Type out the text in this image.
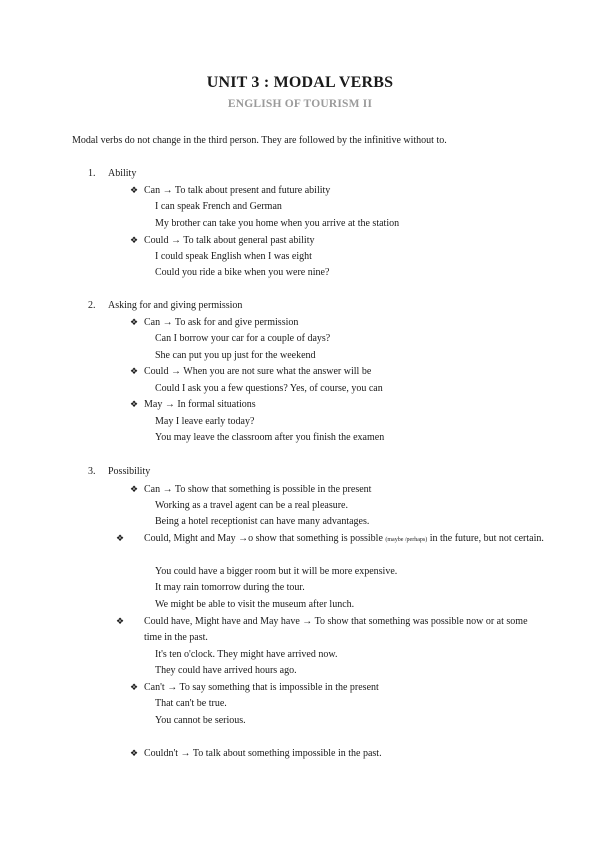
UNIT 3 : MODAL VERBS
ENGLISH OF TOURISM II
Modal verbs do not change in the third person. They are followed by the infinitive without to.
1. Ability
❖ Can → To talk about present and future ability
I can speak French and German
My brother can take you home when you arrive at the station
❖ Could → To talk about general past ability
I could speak English when I was eight
Could you ride a bike when you were nine?
2. Asking for and giving permission
❖ Can → To ask for and give permission
Can I borrow your car for a couple of days?
She can put you up just for the weekend
❖ Could → When you are not sure what the answer will be
Could I ask you a few questions? Yes, of course, you can
❖ May → In formal situations
May I leave early today?
You may leave the classroom after you finish the examen
3. Possibility
❖ Can → To show that something is possible in the present
Working as a travel agent can be a real pleasure.
Being a hotel receptionist can have many advantages.
❖ Could, Might and May →o show that something is possible (maybe /perhaps) in the future, but not certain.
You could have a bigger room but it will be more expensive.
It may rain tomorrow during the tour.
We might be able to visit the museum after lunch.
❖ Could have, Might have and May have → To show that something was possible now or at some time in the past.
It's ten o'clock. They might have arrived now.
They could have arrived hours ago.
❖ Can't → To say something that is impossible in the present
That can't be true.
You cannot be serious.
❖ Couldn't → To talk about something impossible in the past.
